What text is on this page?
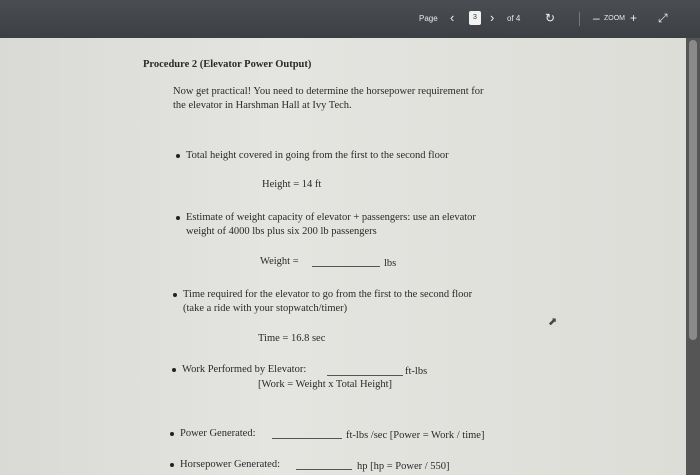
Page ‹	3	› of 4 ↻	– ZOOM + ⤢
Procedure 2 (Elevator Power Output)
Now get practical! You need to determine the horsepower requirement for
the elevator in Harshman Hall at Ivy Tech.
Total height covered in going from the first to the second floor
Height = 14 ft
Estimate of weight capacity of elevator + passengers: use an elevator
weight of 4000 lbs plus six 200 lb passengers
Weight =	lbs
Time required for the elevator to go from the first to the second floor
(take a ride with your stopwatch/timer)
Time = 16.8 sec
Work Performed by Elevator:	ft-lbs
[Work = Weight x Total Height]
Power Generated:	ft-lbs /sec [Power = Work / time]
Horsepower Generated:	hp [hp = Power / 550]
⬈
